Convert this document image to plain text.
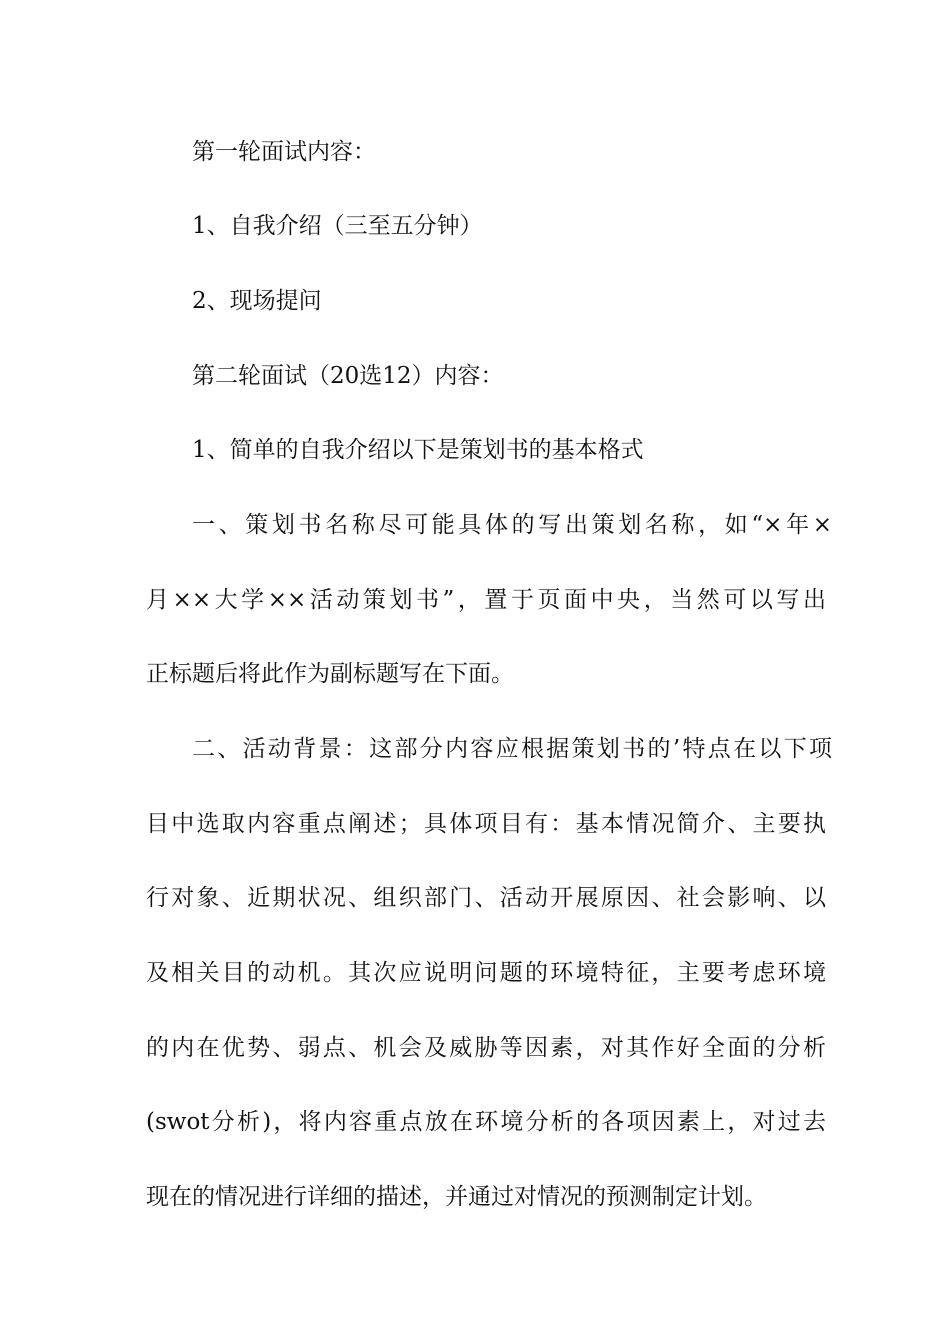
第一轮面试内容：
1、自我介绍（三至五分钟）
2、现场提问
第二轮面试（20选12）内容：
1、简单的自我介绍以下是策划书的基本格式
一、策划书名称尽可能具体的写出策划名称，如“×年×
月××大学××活动策划书”，置于页面中央，当然可以写出
正标题后将此作为副标题写在下面。
二、活动背景：这部分内容应根据策划书的’特点在以下项
目中选取内容重点阐述；具体项目有：基本情况简介、主要执
行对象、近期状况、组织部门、活动开展原因、社会影响、以
及相关目的动机。其次应说明问题的环境特征，主要考虑环境
的内在优势、弱点、机会及威胁等因素，对其作好全面的分析
(swot分析)，将内容重点放在环境分析的各项因素上，对过去
现在的情况进行详细的描述，并通过对情况的预测制定计划。
